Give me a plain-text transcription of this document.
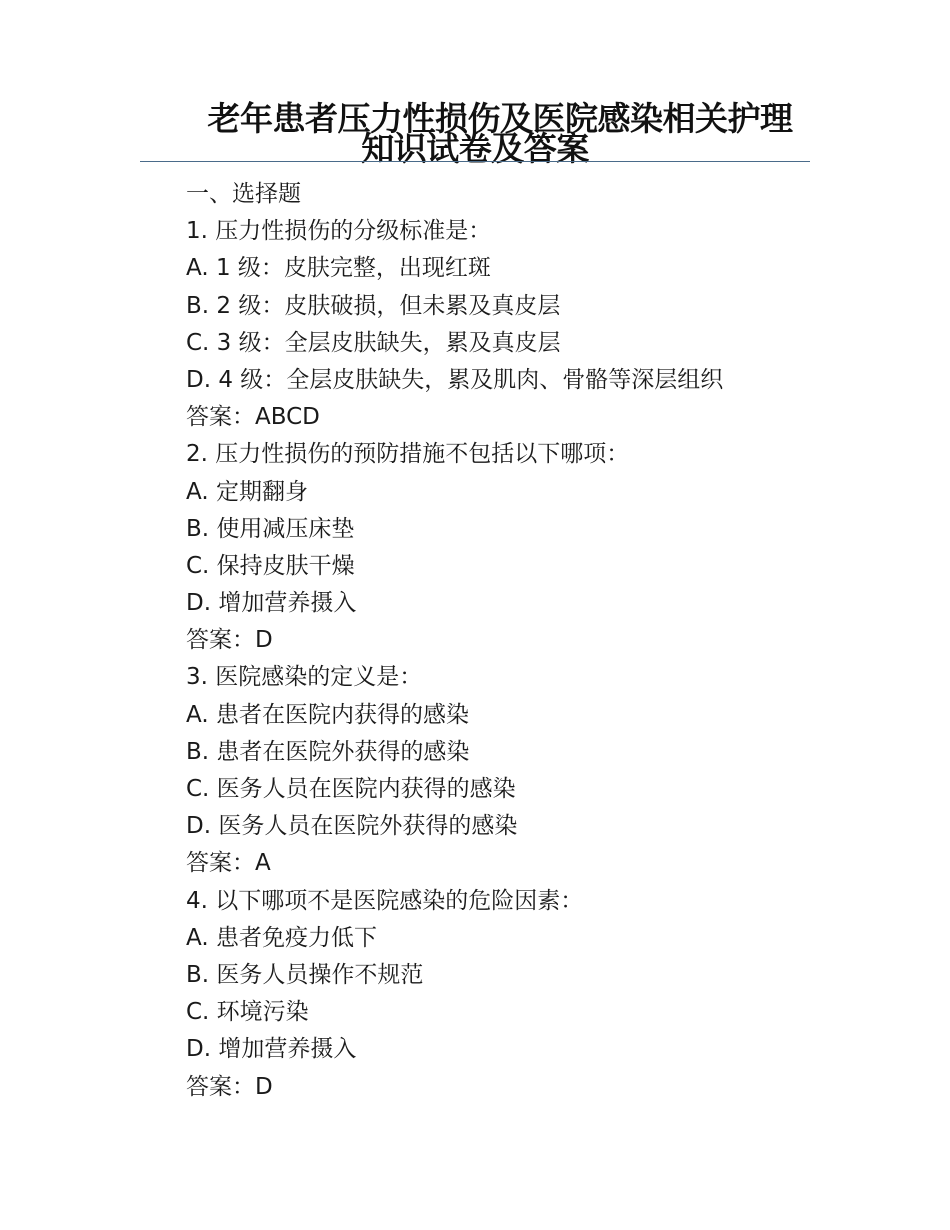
老年患者压力性损伤及医院感染相关护理
知识试卷及答案
一、选择题
1. 压力性损伤的分级标准是：
A. 1 级：皮肤完整，出现红斑
B. 2 级：皮肤破损，但未累及真皮层
C. 3 级：全层皮肤缺失，累及真皮层
D. 4 级：全层皮肤缺失，累及肌肉、骨骼等深层组织
答案：ABCD
2. 压力性损伤的预防措施不包括以下哪项：
A. 定期翻身
B. 使用减压床垫
C. 保持皮肤干燥
D. 增加营养摄入
答案：D
3. 医院感染的定义是：
A. 患者在医院内获得的感染
B. 患者在医院外获得的感染
C. 医务人员在医院内获得的感染
D. 医务人员在医院外获得的感染
答案：A
4. 以下哪项不是医院感染的危险因素：
A. 患者免疫力低下
B. 医务人员操作不规范
C. 环境污染
D. 增加营养摄入
答案：D
